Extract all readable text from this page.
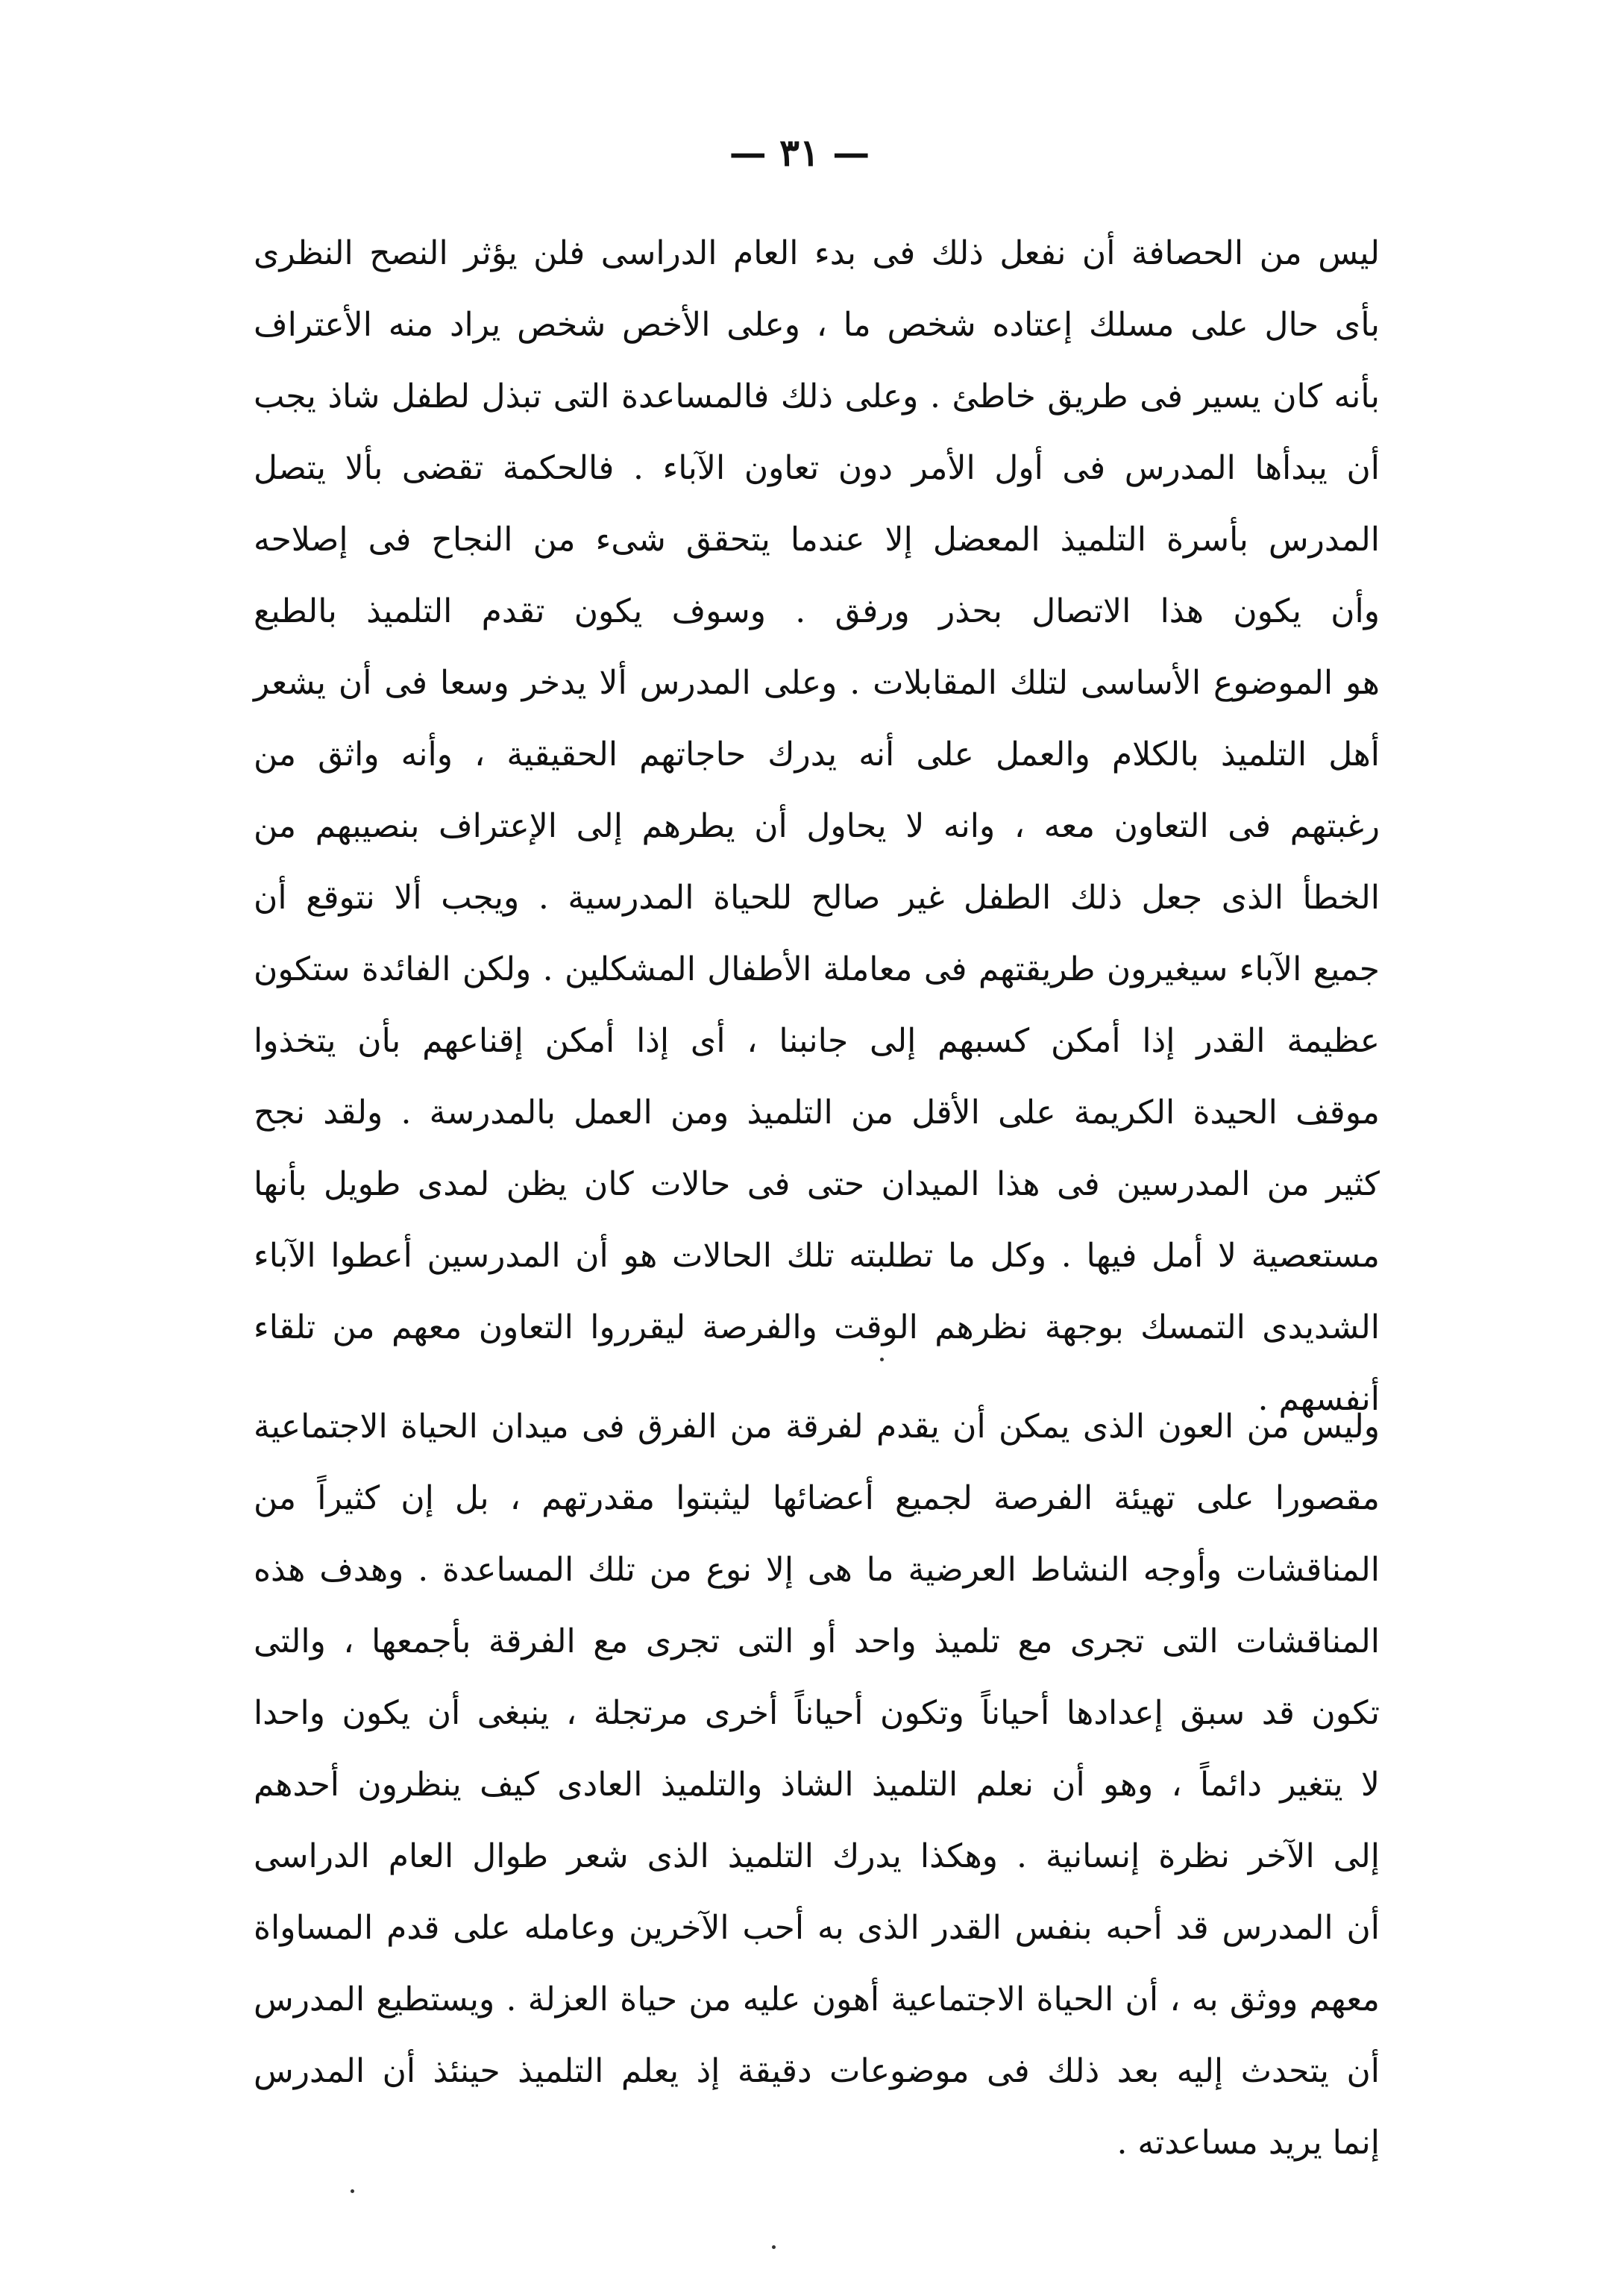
— ٣١ —
ليس من الحصافة أن نفعل ذلك فى بدء العام الدراسى فلن يؤثر النصح النظرى
بأى حال على مسلك إعتاده شخص ما ، وعلى الأخص شخص يراد منه الأعتراف
بأنه كان يسير فى طريق خاطئ . وعلى ذلك فالمساعدة التى تبذل لطفل شاذ يجب
أن يبدأها المدرس فى أول الأمر دون تعاون الآباء . فالحكمة تقضى بألا يتصل
المدرس بأسرة التلميذ المعضل إلا عندما يتحقق شىء من النجاح فى إصلاحه
وأن يكون هذا الاتصال بحذر ورفق . وسوف يكون تقدم التلميذ بالطبع
هو الموضوع الأساسى لتلك المقابلات . وعلى المدرس ألا يدخر وسعا فى أن يشعر
أهل التلميذ بالكلام والعمل على أنه يدرك حاجاتهم الحقيقية ، وأنه واثق من
رغبتهم فى التعاون معه ، وانه لا يحاول أن يطرهم إلى الإعتراف بنصيبهم من
الخطأ الذى جعل ذلك الطفل غير صالح للحياة المدرسية . ويجب ألا نتوقع أن
جميع الآباء سيغيرون طريقتهم فى معاملة الأطفال المشكلين . ولكن الفائدة ستكون
عظيمة القدر إذا أمكن كسبهم إلى جانبنا ، أى إذا أمكن إقناعهم بأن يتخذوا
موقف الحيدة الكريمة على الأقل من التلميذ ومن العمل بالمدرسة . ولقد نجح
كثير من المدرسين فى هذا الميدان حتى فى حالات كان يظن لمدى طويل بأنها
مستعصية لا أمل فيها . وكل ما تطلبته تلك الحالات هو أن المدرسين أعطوا الآباء
الشديدى التمسك بوجهة نظرهم الوقت والفرصة ليقرروا التعاون معهم من تلقاء
أنفسهم .
وليس من العون الذى يمكن أن يقدم لفرقة من الفرق فى ميدان الحياة الاجتماعية
مقصورا على تهيئة الفرصة لجميع أعضائها ليثبتوا مقدرتهم ، بل إن كثيراً من
المناقشات وأوجه النشاط العرضية ما هى إلا نوع من تلك المساعدة . وهدف هذه
المناقشات التى تجرى مع تلميذ واحد أو التى تجرى مع الفرقة بأجمعها ، والتى
تكون قد سبق إعدادها أحياناً وتكون أحياناً أخرى مرتجلة ، ينبغى أن يكون واحدا
لا يتغير دائماً ، وهو أن نعلم التلميذ الشاذ والتلميذ العادى كيف ينظرون أحدهم
إلى الآخر نظرة إنسانية . وهكذا يدرك التلميذ الذى شعر طوال العام الدراسى
أن المدرس قد أحبه بنفس القدر الذى به أحب الآخرين وعامله على قدم المساواة
معهم ووثق به ، أن الحياة الاجتماعية أهون عليه من حياة العزلة . ويستطيع المدرس
أن يتحدث إليه بعد ذلك فى موضوعات دقيقة إذ يعلم التلميذ حينئذ أن المدرس
إنما يريد مساعدته .
